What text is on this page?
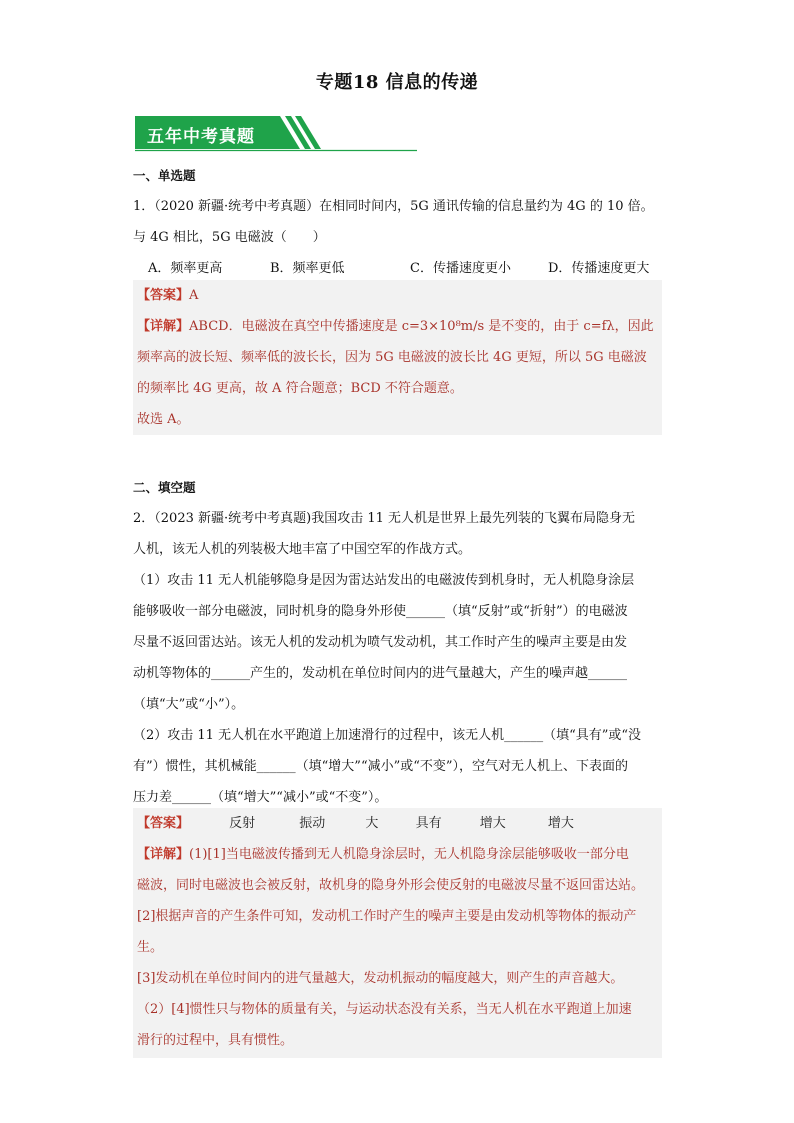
专题18 信息的传递
五年中考真题
一、单选题
1．（2020 新疆·统考中考真题）在相同时间内，5G 通讯传输的信息量约为 4G 的 10 倍。
与 4G 相比，5G 电磁波（　　）
A．频率更高	B．频率更低	C．传播速度更小	D．传播速度更大
【答案】A
【详解】ABCD．电磁波在真空中传播速度是 c=3×10⁸m/s 是不变的，由于 c=fλ，因此
频率高的波长短、频率低的波长长，因为 5G 电磁波的波长比 4G 更短，所以 5G 电磁波
的频率比 4G 更高，故 A 符合题意；BCD 不符合题意。
故选 A。
二、填空题
2．（2023 新疆·统考中考真题)我国攻击 11 无人机是世界上最先列装的飞翼布局隐身无
人机，该无人机的列装极大地丰富了中国空军的作战方式。
（1）攻击 11 无人机能够隐身是因为雷达站发出的电磁波传到机身时，无人机隐身涂层
能够吸收一部分电磁波，同时机身的隐身外形使______（填“反射”或“折射”）的电磁波
尽量不返回雷达站。该无人机的发动机为喷气发动机，其工作时产生的噪声主要是由发
动机等物体的______产生的，发动机在单位时间内的进气量越大，产生的噪声越______
（填“大”或“小”）。
（2）攻击 11 无人机在水平跑道上加速滑行的过程中，该无人机______（填“具有”或“没
有”）惯性，其机械能______（填“增大”“减小”或“不变”），空气对无人机上、下表面的
压力差______（填“增大”“减小”或“不变”）。
【答案】	反射	振动	大	具有	增大	增大
【详解】(1)[1]当电磁波传播到无人机隐身涂层时，无人机隐身涂层能够吸收一部分电
磁波，同时电磁波也会被反射，故机身的隐身外形会使反射的电磁波尽量不返回雷达站。
[2]根据声音的产生条件可知，发动机工作时产生的噪声主要是由发动机等物体的振动产
生。
[3]发动机在单位时间内的进气量越大，发动机振动的幅度越大，则产生的声音越大。
（2）[4]惯性只与物体的质量有关，与运动状态没有关系，当无人机在水平跑道上加速
滑行的过程中，具有惯性。
